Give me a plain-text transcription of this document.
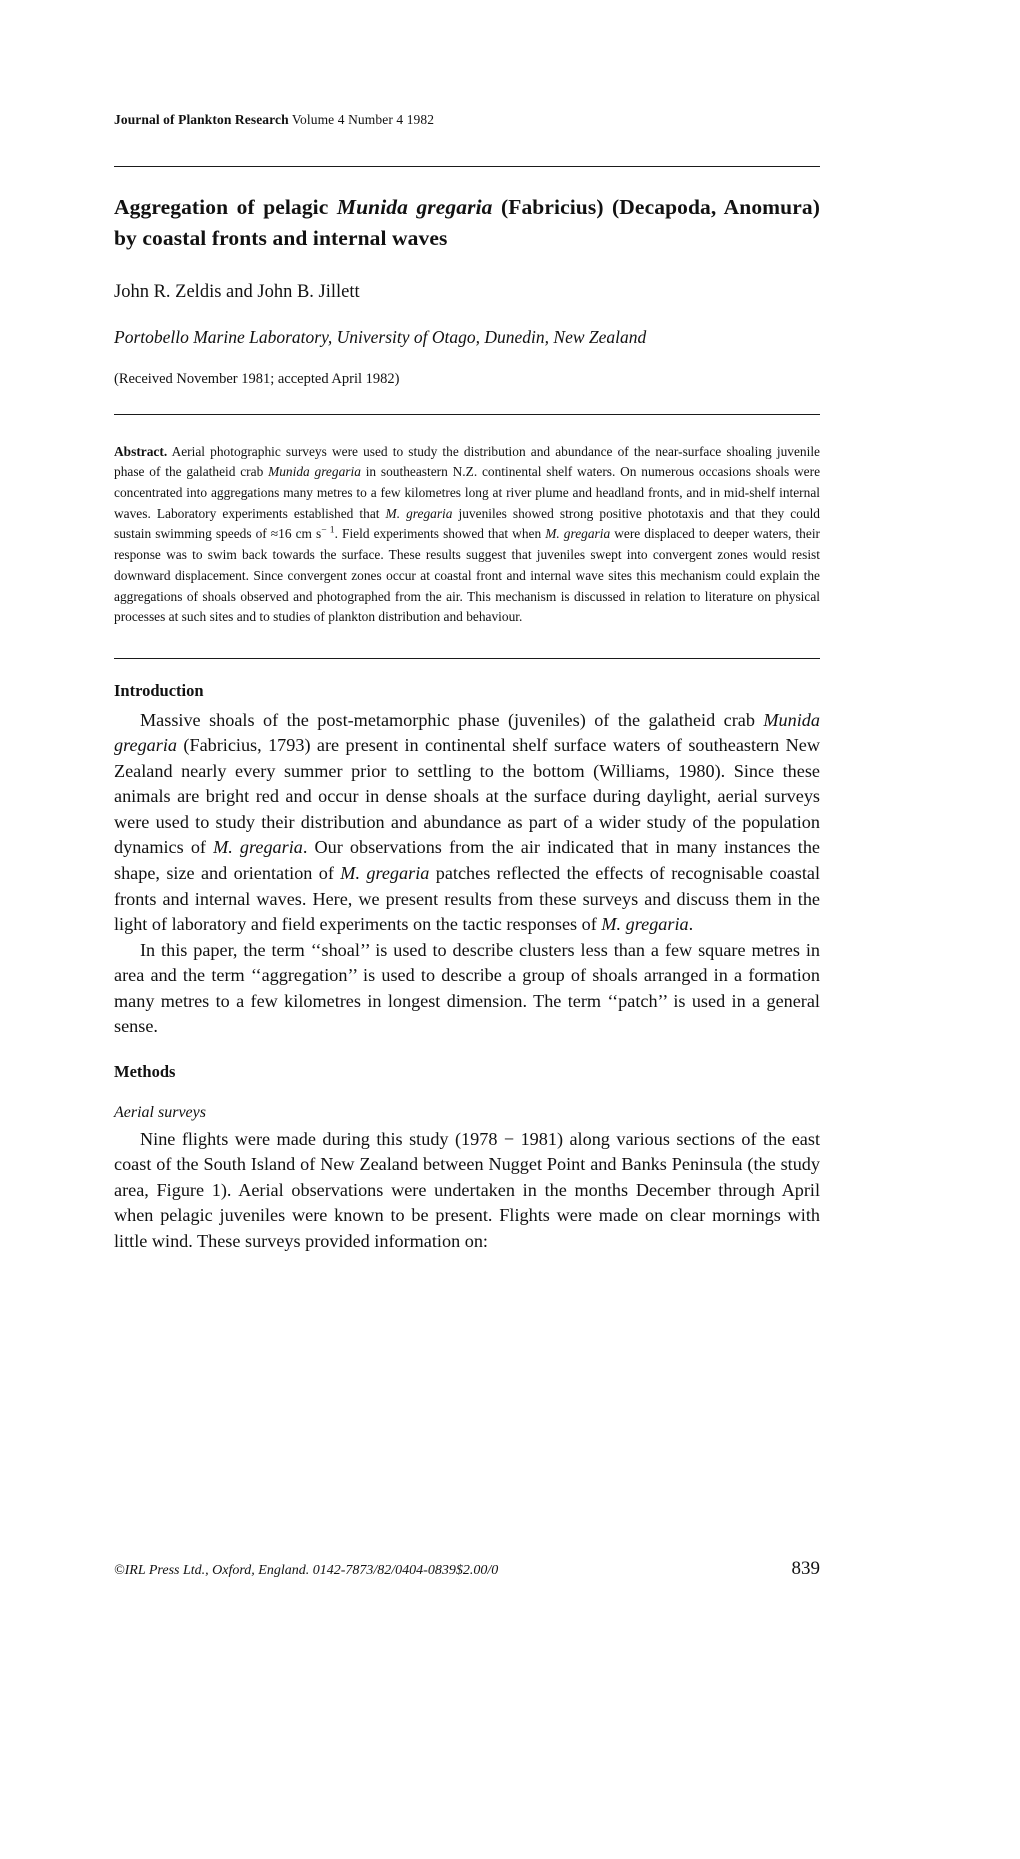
Journal of Plankton Research Volume 4 Number 4 1982
Aggregation of pelagic Munida gregaria (Fabricius) (Decapoda, Anomura) by coastal fronts and internal waves
John R. Zeldis and John B. Jillett
Portobello Marine Laboratory, University of Otago, Dunedin, New Zealand
(Received November 1981; accepted April 1982)
Abstract. Aerial photographic surveys were used to study the distribution and abundance of the near-surface shoaling juvenile phase of the galatheid crab Munida gregaria in southeastern N.Z. continental shelf waters. On numerous occasions shoals were concentrated into aggregations many metres to a few kilometres long at river plume and headland fronts, and in mid-shelf internal waves. Laboratory experiments established that M. gregaria juveniles showed strong positive phototaxis and that they could sustain swimming speeds of ≈16 cm $s^{- 1}$. Field experiments showed that when M. gregaria were displaced to deeper waters, their response was to swim back towards the surface. These results suggest that juveniles swept into convergent zones would resist downward displacement. Since convergent zones occur at coastal front and internal wave sites this mechanism could explain the aggregations of shoals observed and photographed from the air. This mechanism is discussed in relation to literature on physical processes at such sites and to studies of plankton distribution and behaviour.
Introduction

Massive shoals of the post-metamorphic phase (juveniles) of the galatheid crab Munida gregaria (Fabricius, 1793) are present in continental shelf surface waters of southeastern New Zealand nearly every summer prior to settling to the bottom (Williams, 1980). Since these animals are bright red and occur in dense shoals at the surface during daylight, aerial surveys were used to study their distribution and abundance as part of a wider study of the population dynamics of M. gregaria. Our observations from the air indicated that in many instances the shape, size and orientation of M. gregaria patches reflected the effects of recognisable coastal fronts and internal waves. Here, we present results from these surveys and discuss them in the light of laboratory and field experiments on the tactic responses of M. gregaria.

In this paper, the term ‘‘shoal’’ is used to describe clusters less than a few square metres in area and the term ‘‘aggregation’’ is used to describe a group of shoals arranged in a formation many metres to a few kilometres in longest dimension. The term ‘‘patch’’ is used in a general sense.

Methods
Aerial surveys

Nine flights were made during this study (1978 − 1981) along various sections of the east coast of the South Island of New Zealand between Nugget Point and Banks Peninsula (the study area, Figure 1). Aerial observations were undertaken in the months December through April when pelagic juveniles were known to be present. Flights were made on clear mornings with little wind. These surveys provided information on:

©IRL Press Ltd., Oxford, England. 0142-7873/82/0404-0839$2.00/0	839
